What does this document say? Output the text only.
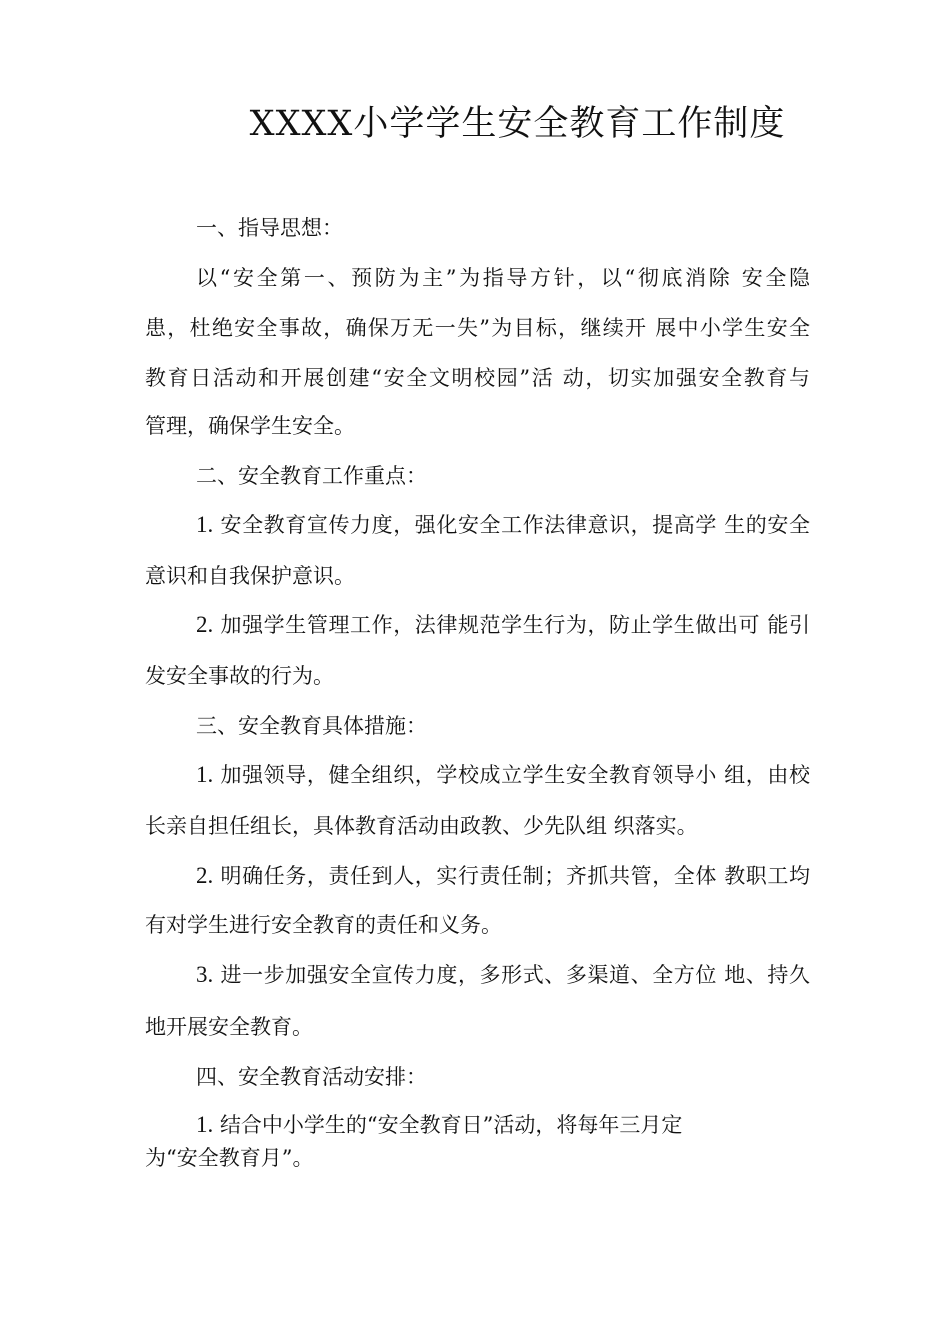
XXXX小学学生安全教育工作制度

一、指导思想：

以“安全第一、预防为主”为指导方针，以“彻底消除 安全隐

患，杜绝安全事故，确保万无一失”为目标，继续开 展中小学生安全

教育日活动和开展创建“安全文明校园”活 动，切实加强安全教育与

管理，确保学生安全。

二、安全教育工作重点：

1. 安全教育宣传力度，强化安全工作法律意识，提高学 生的安全

意识和自我保护意识。

2. 加强学生管理工作，法律规范学生行为，防止学生做出可 能引

发安全事故的行为。

三、安全教育具体措施：

1. 加强领导，健全组织，学校成立学生安全教育领导小 组，由校

长亲自担任组长，具体教育活动由政教、少先队组 织落实。

2. 明确任务，责任到人，实行责任制；齐抓共管，全体 教职工均

有对学生进行安全教育的责任和义务。

3. 进一步加强安全宣传力度，多形式、多渠道、全方位 地、持久

地开展安全教育。

四、安全教育活动安排：

1. 结合中小学生的“安全教育日”活动，将每年三月定

为“安全教育月”。
